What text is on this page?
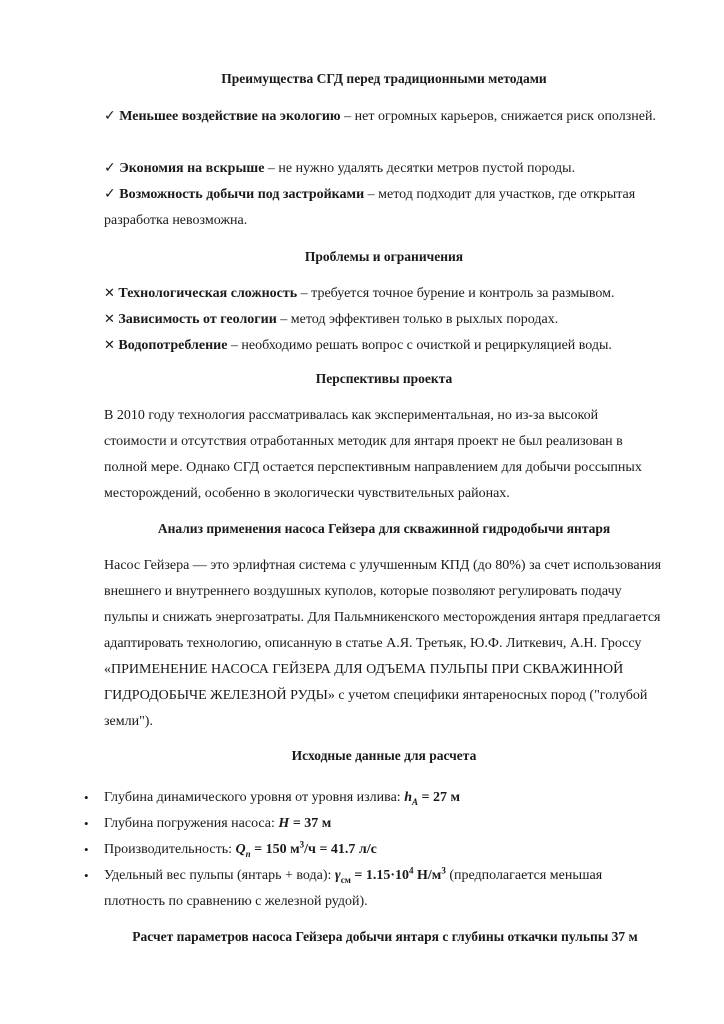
Преимущества СГД перед традиционными методами

✓ Меньшее воздействие на экологию – нет огромных карьеров, снижается риск оползней.

✓ Экономия на вскрыше – не нужно удалять десятки метров пустой породы.

✓ Возможность добычи под застройками – метод подходит для участков, где открытая разработка невозможна.

Проблемы и ограничения

✕ Технологическая сложность – требуется точное бурение и контроль за размывом.

✕ Зависимость от геологии – метод эффективен только в рыхлых породах.

✕ Водопотребление – необходимо решать вопрос с очисткой и рециркуляцией воды.

Перспективы проекта

В 2010 году технология рассматривалась как экспериментальная, но из-за высокой стоимости и отсутствия отработанных методик для янтаря проект не был реализован в полной мере. Однако СГД остается перспективным направлением для добычи россыпных месторождений, особенно в экологически чувствительных районах.

Анализ применения насоса Гейзера для скважинной гидродобычи янтаря

Насос Гейзера — это эрлифтная система с улучшенным КПД (до 80%) за счет использования внешнего и внутреннего воздушных куполов, которые позволяют регулировать подачу пульпы и снижать энергозатраты. Для Пальмникенского месторождения янтаря предлагается адаптировать технологию, описанную в статье А.Я. Третьяк, Ю.Ф. Литкевич, А.Н. Гроссу «ПРИМЕНЕНИЕ НАСОСА ГЕЙЗЕРА ДЛЯ ОДЪЕМА ПУЛЬПЫ ПРИ СКВАЖИННОЙ ГИДРОДОБЫЧЕ ЖЕЛЕЗНОЙ РУДЫ» с учетом специфики янтареносных пород ("голубой земли").

Исходные данные для расчета
• Глубина динамического уровня от уровня излива: $h_A = 27$ м

• Глубина погружения насоса: H = 37 м

• Производительность: $Q_п = 150$ $м^3/ч = 41.7$ л/с

• Удельный вес пульпы (янтарь + вода): $\gamma_{см} = 1.15\cdot 10^4$ $Н/м^3$ (предполагается меньшая плотность по сравнению с железной рудой).

Расчет параметров насоса Гейзера добычи янтаря с глубины откачки пульпы 37 м
